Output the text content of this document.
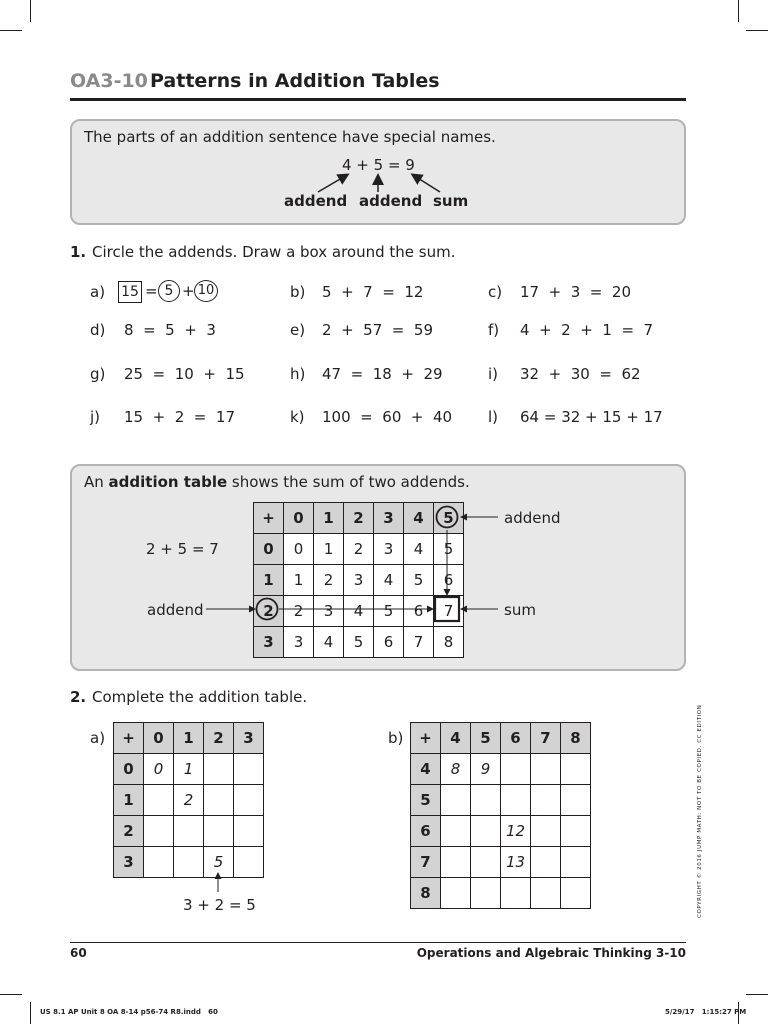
OA3-10 Patterns in Addition Tables
The parts of an addition sentence have special names.
4 + 5 = 9
addend addend sum
1. Circle the addends. Draw a box around the sum.
a) 15 = 5 + 10	b) 5  +  7  =  12	c) 17  +  3  =  20
d) 8  =  5  +  3	e) 2  +  57  =  59	f) 4  +  2  +  1  =  7
g) 25  =  10  +  15	h) 47  =  18  +  29	i) 32  +  30  =  62
j) 15  +  2  =  17	k) 100  =  60  +  40 l) 64 = 32 + 15 + 17
An addition table shows the sum of two addends.
2 + 5 = 7
addend
addend
sum
+	0	1	2	3	4	5
0	0	1	2	3	4	5
1	1	2	3	4	5	6
2	2	3	4	5	6	7
3	3	4	5	6	7	8
2. Complete the addition table.
a)	b)
+	0	1	2	3
0	0	1		
1		2		
2				
3			5	
+	4	5	6	7	8
4	8	9			
5					
6			12		
7			13		
8					
3 + 2 = 5	COPYRIGHT © 2016 JUMP MATH: NOT TO BE COPIED. CC EDITION
60	Operations and Algebraic Thinking 3-10
US 8.1 AP Unit 8 OA 8-14 p56-74 R8.indd   60	5/29/17   1:15:27 PM
